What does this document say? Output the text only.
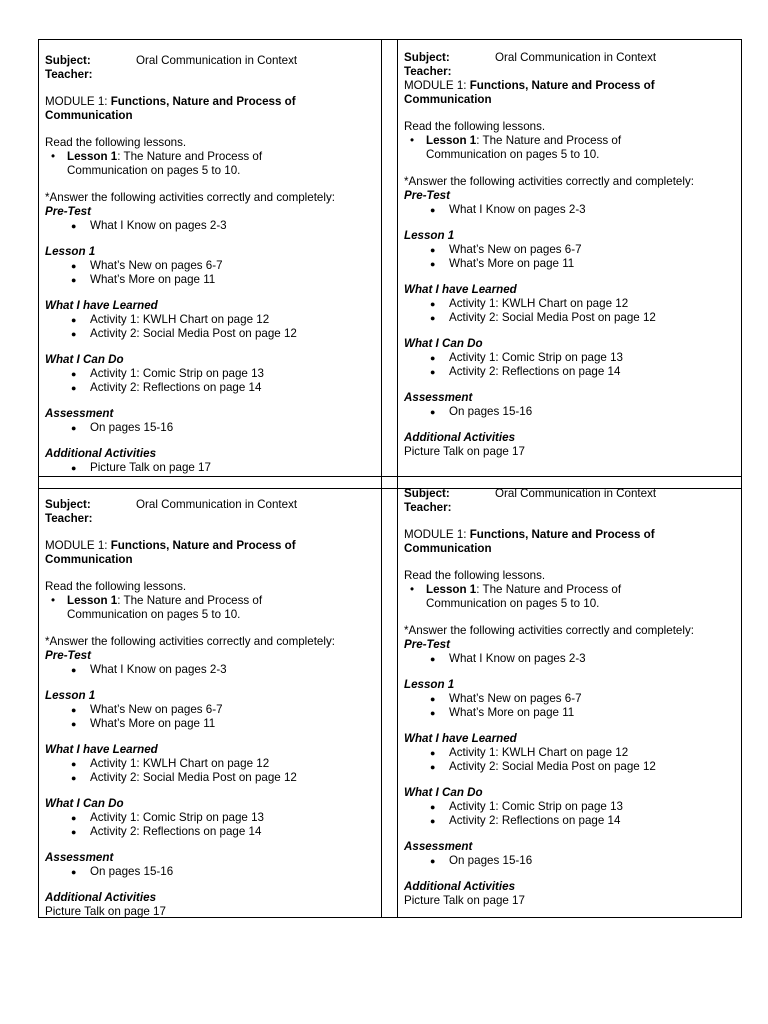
Subject:	Oral Communication in Context
Teacher:
MODULE 1: Functions, Nature and Process of
Communication
Read the following lessons.
•	Lesson 1: The Nature and Process of
Communication on pages 5 to 10.
*Answer the following activities correctly and completely:
Pre-Test
● What I Know on pages 2-3
Lesson 1
● What’s New on pages 6-7
● What’s More on page 11
What I have Learned
● Activity 1: KWLH Chart on page 12
● Activity 2: Social Media Post on page 12
What I Can Do
● Activity 1: Comic Strip on page 13
● Activity 2: Reflections on page 14
Assessment
● On pages 15-16
Additional Activities
● Picture Talk on page 17
Subject:	Oral Communication in Context
Teacher:
MODULE 1: Functions, Nature and Process of
Communication
Read the following lessons.
•	Lesson 1: The Nature and Process of
Communication on pages 5 to 10.
*Answer the following activities correctly and completely:
Pre-Test
● What I Know on pages 2-3
Lesson 1
● What’s New on pages 6-7
● What’s More on page 11
What I have Learned
● Activity 1: KWLH Chart on page 12
● Activity 2: Social Media Post on page 12
What I Can Do
● Activity 1: Comic Strip on page 13
● Activity 2: Reflections on page 14
Assessment
● On pages 15-16
Additional Activities
Picture Talk on page 17
Subject:	Oral Communication in Context
Teacher:
MODULE 1: Functions, Nature and Process of
Communication
Read the following lessons.
•	Lesson 1: The Nature and Process of
Communication on pages 5 to 10.
*Answer the following activities correctly and completely:
Pre-Test
● What I Know on pages 2-3
Lesson 1
● What’s New on pages 6-7
● What’s More on page 11
What I have Learned
● Activity 1: KWLH Chart on page 12
● Activity 2: Social Media Post on page 12
What I Can Do
● Activity 1: Comic Strip on page 13
● Activity 2: Reflections on page 14
Assessment
● On pages 15-16
Additional Activities
Picture Talk on page 17
Subject:	Oral Communication in Context
Teacher:
MODULE 1: Functions, Nature and Process of
Communication
Read the following lessons.
•	Lesson 1: The Nature and Process of
Communication on pages 5 to 10.
*Answer the following activities correctly and completely:
Pre-Test
● What I Know on pages 2-3
Lesson 1
● What’s New on pages 6-7
● What’s More on page 11
What I have Learned
● Activity 1: KWLH Chart on page 12
● Activity 2: Social Media Post on page 12
What I Can Do
● Activity 1: Comic Strip on page 13
● Activity 2: Reflections on page 14
Assessment
● On pages 15-16
Additional Activities
Picture Talk on page 17
